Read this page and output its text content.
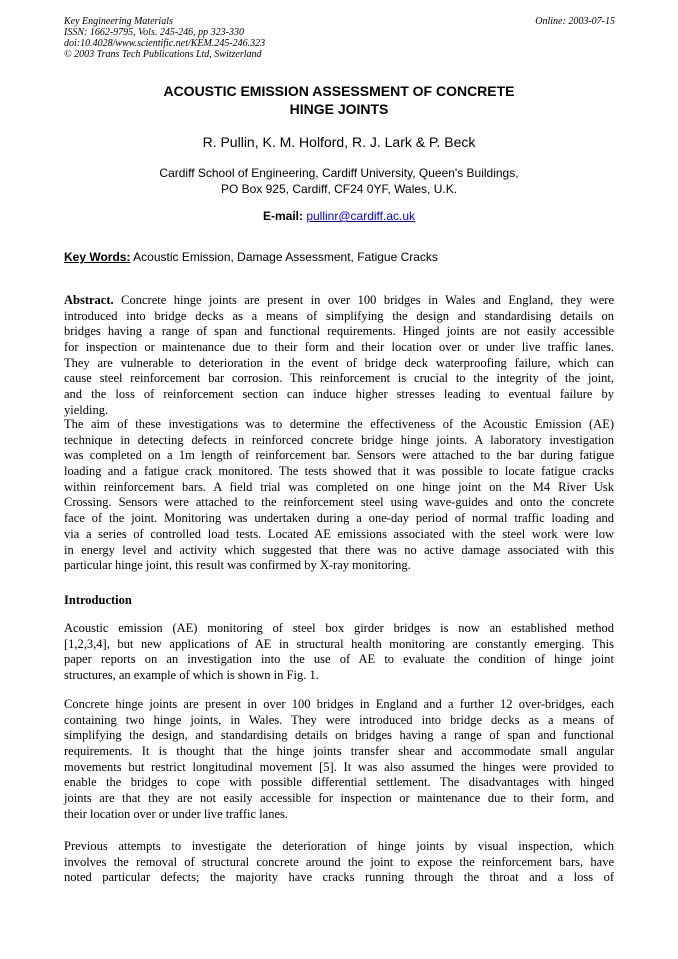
Key Engineering Materials
ISSN: 1662-9795, Vols. 245-246, pp 323-330
doi:10.4028/www.scientific.net/KEM.245-246.323
© 2003 Trans Tech Publications Ltd, Switzerland
Online: 2003-07-15
ACOUSTIC EMISSION ASSESSMENT OF CONCRETE
HINGE JOINTS
R. Pullin, K. M. Holford, R. J. Lark & P. Beck
Cardiff School of Engineering, Cardiff University, Queen's Buildings,
PO Box 925, Cardiff, CF24 0YF, Wales, U.K.
E-mail: pullinr@cardiff.ac.uk
Key Words: Acoustic Emission, Damage Assessment, Fatigue Cracks
Abstract. Concrete hinge joints are present in over 100 bridges in Wales and England, they were
introduced into bridge decks as a means of simplifying the design and standardising details on
bridges having a range of span and functional requirements. Hinged joints are not easily accessible
for inspection or maintenance due to their form and their location over or under live traffic lanes.
They are vulnerable to deterioration in the event of bridge deck waterproofing failure, which can
cause steel reinforcement bar corrosion. This reinforcement is crucial to the integrity of the joint,
and the loss of reinforcement section can induce higher stresses leading to eventual failure by
yielding.
The aim of these investigations was to determine the effectiveness of the Acoustic Emission (AE)
technique in detecting defects in reinforced concrete bridge hinge joints. A laboratory investigation
was completed on a 1m length of reinforcement bar. Sensors were attached to the bar during fatigue
loading and a fatigue crack monitored. The tests showed that it was possible to locate fatigue cracks
within reinforcement bars. A field trial was completed on one hinge joint on the M4 River Usk
Crossing. Sensors were attached to the reinforcement steel using wave-guides and onto the concrete
face of the joint. Monitoring was undertaken during a one-day period of normal traffic loading and
via a series of controlled load tests. Located AE emissions associated with the steel work were low
in energy level and activity which suggested that there was no active damage associated with this
particular hinge joint, this result was confirmed by X-ray monitoring.
Introduction
Acoustic emission (AE) monitoring of steel box girder bridges is now an established method
[1,2,3,4], but new applications of AE in structural health monitoring are constantly emerging. This
paper reports on an investigation into the use of AE to evaluate the condition of hinge joint
structures, an example of which is shown in Fig. 1.
Concrete hinge joints are present in over 100 bridges in England and a further 12 over-bridges, each
containing two hinge joints, in Wales. They were introduced into bridge decks as a means of
simplifying the design, and standardising details on bridges having a range of span and functional
requirements. It is thought that the hinge joints transfer shear and accommodate small angular
movements but restrict longitudinal movement [5]. It was also assumed the hinges were provided to
enable the bridges to cope with possible differential settlement. The disadvantages with hinged
joints are that they are not easily accessible for inspection or maintenance due to their form, and
their location over or under live traffic lanes.
Previous attempts to investigate the deterioration of hinge joints by visual inspection, which
involves the removal of structural concrete around the joint to expose the reinforcement bars, have
noted particular defects; the majority have cracks running through the throat and a loss of
